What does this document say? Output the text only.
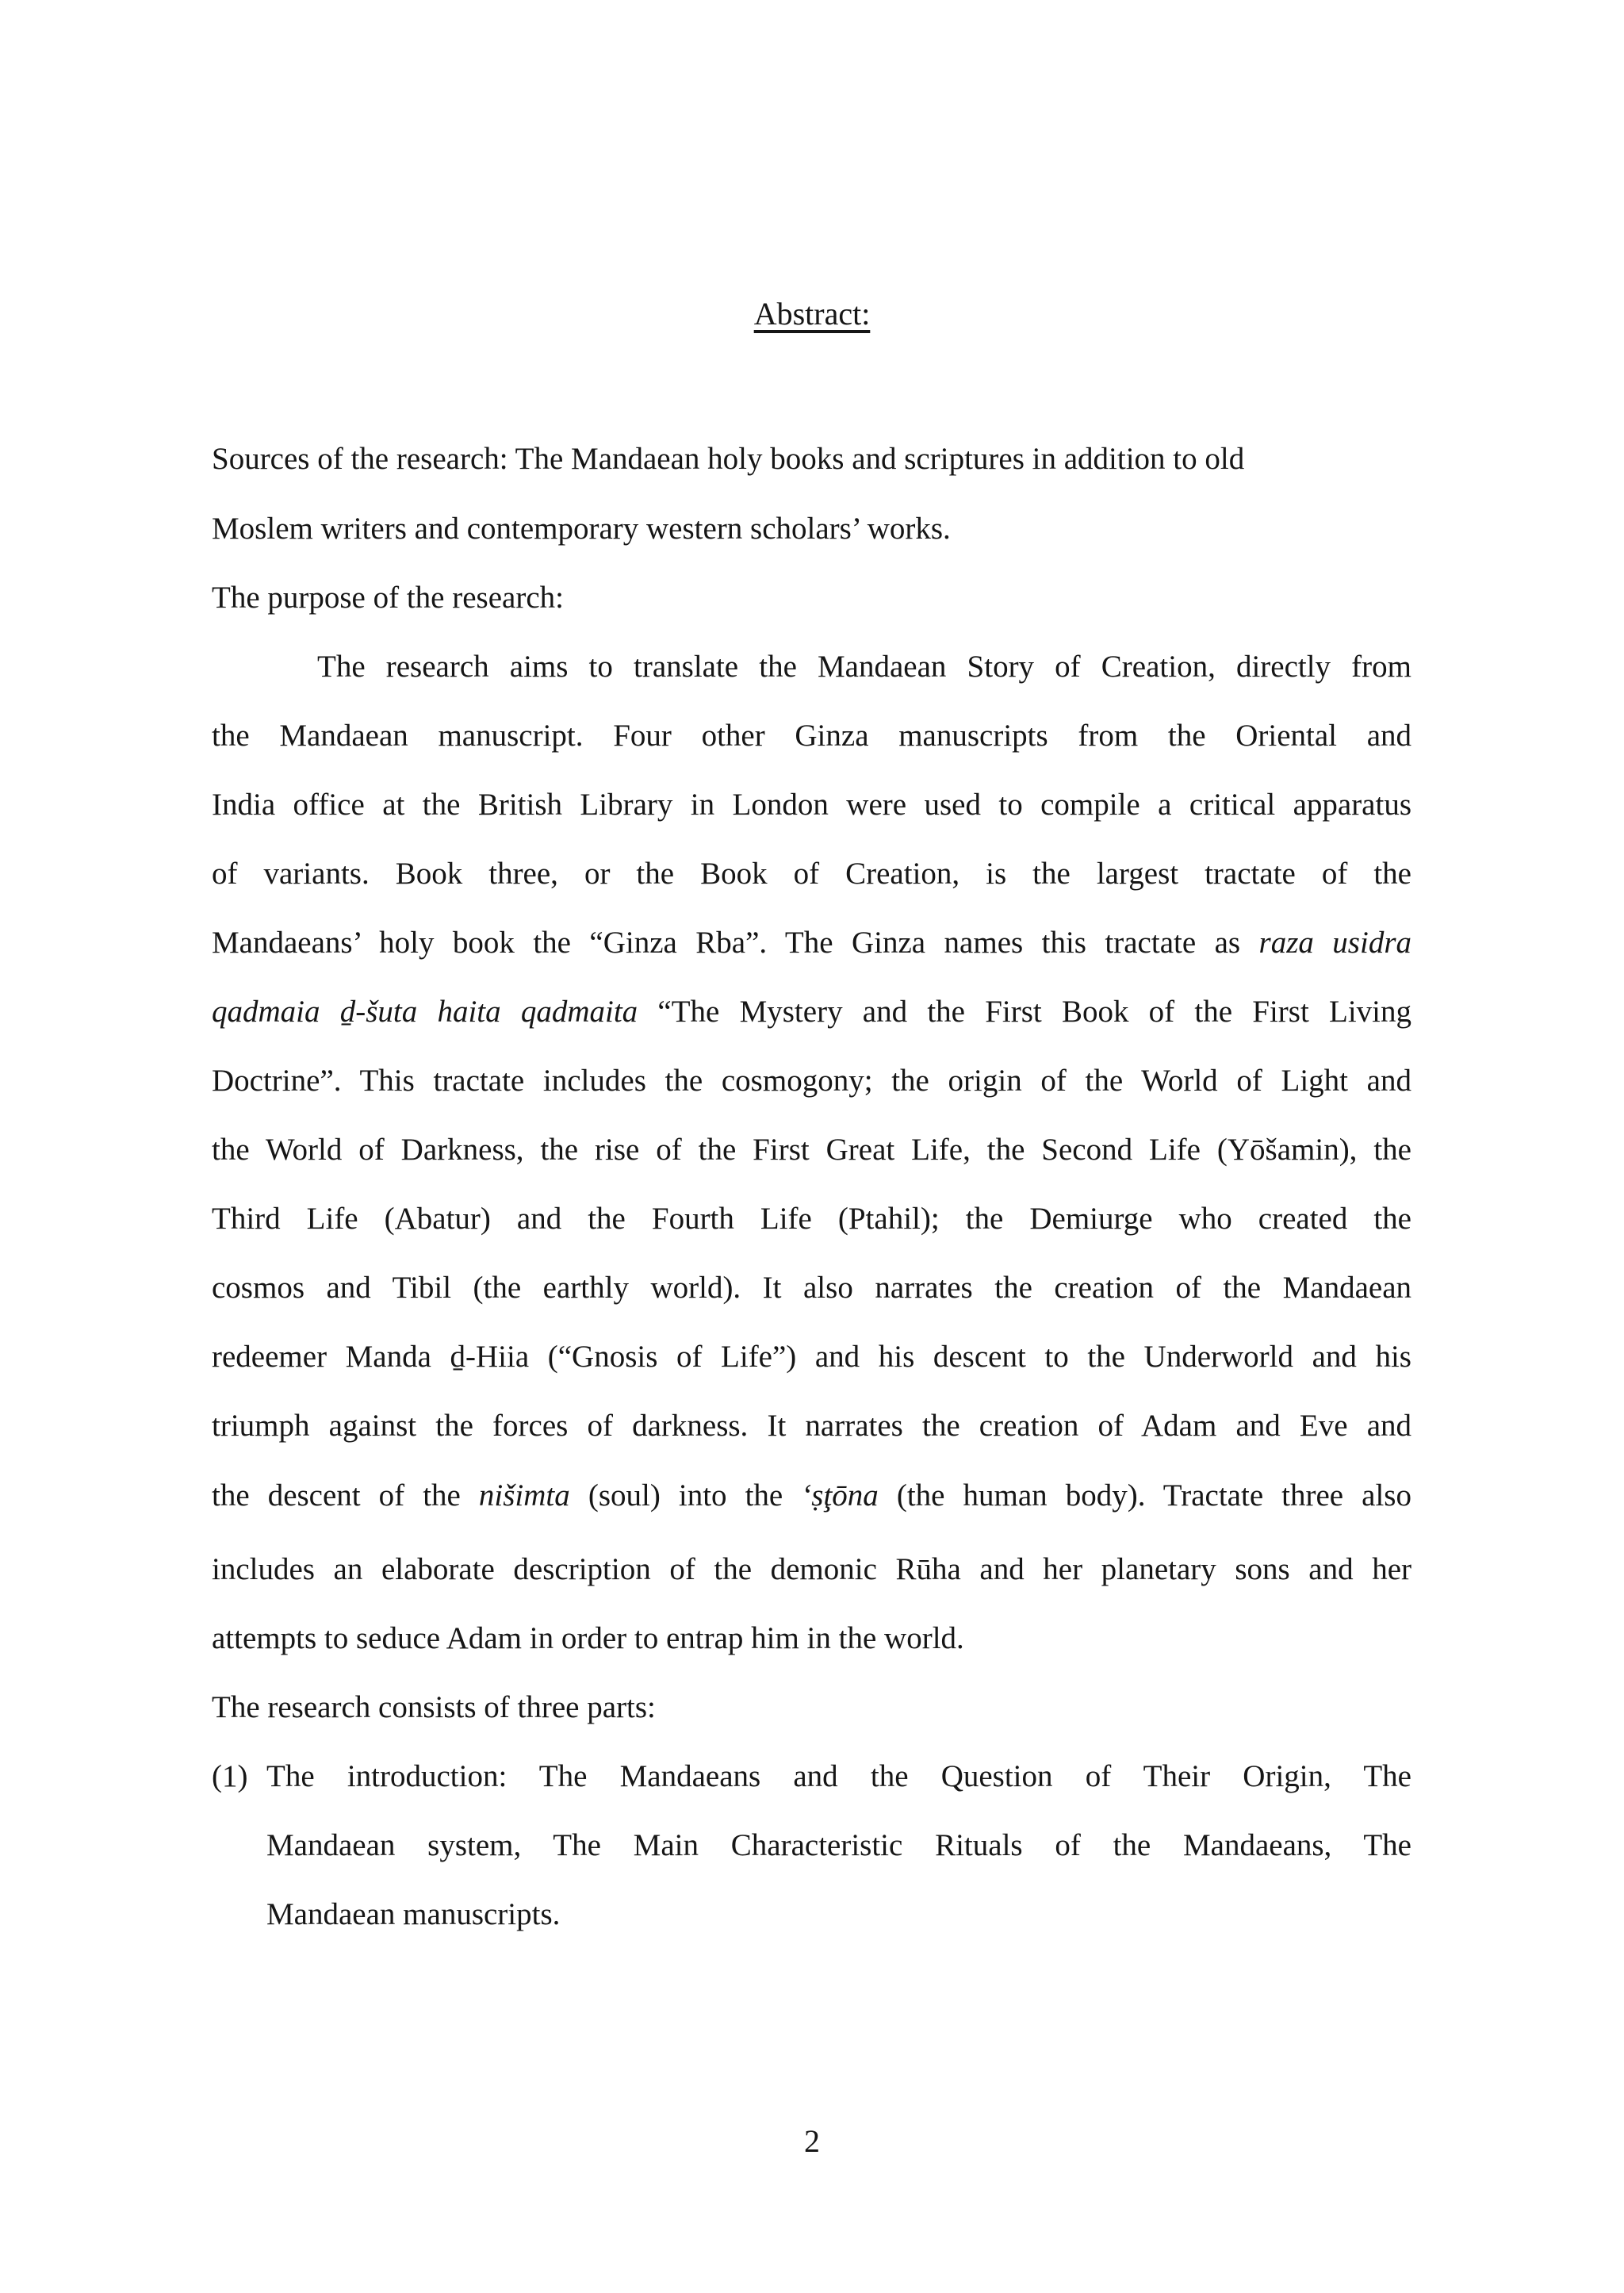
Abstract:
Sources of the research: The Mandaean holy books and scriptures in addition to old
Moslem writers and contemporary western scholars’ works.
The purpose of the research:
The research aims to translate the Mandaean Story of Creation, directly from
the Mandaean manuscript. Four other Ginza manuscripts from the Oriental and
India office at the British Library in London were used to compile a critical apparatus
of variants. Book three, or the Book of Creation, is the largest tractate of the
Mandaeans’ holy book the “Ginza Rba”. The Ginza names this tractate as raza usidra
qadmaia ḏ-šuta haita qadmaita “The Mystery and the First Book of the First Living
Doctrine”. This tractate includes the cosmogony; the origin of the World of Light and
the World of Darkness, the rise of the First Great Life, the Second Life (Yōšamin), the
Third Life (Abatur) and the Fourth Life (Ptahil); the Demiurge who created the
cosmos and Tibil (the earthly world). It also narrates the creation of the Mandaean
redeemer Manda ḏ-Hiia (“Gnosis of Life”) and his descent to the Underworld and his
triumph against the forces of darkness. It narrates the creation of Adam and Eve and
the descent of the nišimta (soul) into the ‘ṣţōna (the human body). Tractate three also
includes an elaborate description of the demonic Rūha and her planetary sons and her
attempts to seduce Adam in order to entrap him in the world.
The research consists of three parts:
(1) The introduction: The Mandaeans and the Question of Their Origin, The
Mandaean system, The Main Characteristic Rituals of the Mandaeans, The
Mandaean manuscripts.
2
